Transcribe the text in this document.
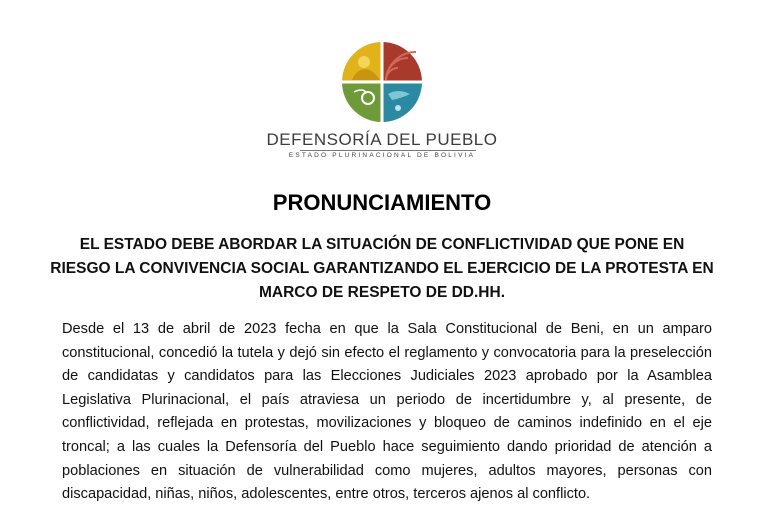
DEFENSORÍA DEL PUEBLO
ESTADO PLURINACIONAL DE BOLIVIA
PRONUNCIAMIENTO
EL ESTADO DEBE ABORDAR LA SITUACIÓN DE CONFLICTIVIDAD QUE PONE EN RIESGO LA CONVIVENCIA SOCIAL GARANTIZANDO EL EJERCICIO DE LA PROTESTA EN MARCO DE RESPETO DE DD.HH.
Desde el 13 de abril de 2023 fecha en que la Sala Constitucional de Beni, en un amparo constitucional, concedió la tutela y dejó sin efecto el reglamento y convocatoria para la preselección de candidatas y candidatos para las Elecciones Judiciales 2023 aprobado por la Asamblea Legislativa Plurinacional, el país atraviesa un periodo de incertidumbre y, al presente, de conflictividad, reflejada en protestas, movilizaciones y bloqueo de caminos indefinido en el eje troncal; a las cuales la Defensoría del Pueblo hace seguimiento dando prioridad de atención a poblaciones en situación de vulnerabilidad como mujeres, adultos mayores, personas con discapacidad, niñas, niños, adolescentes, entre otros, terceros ajenos al conflicto.
